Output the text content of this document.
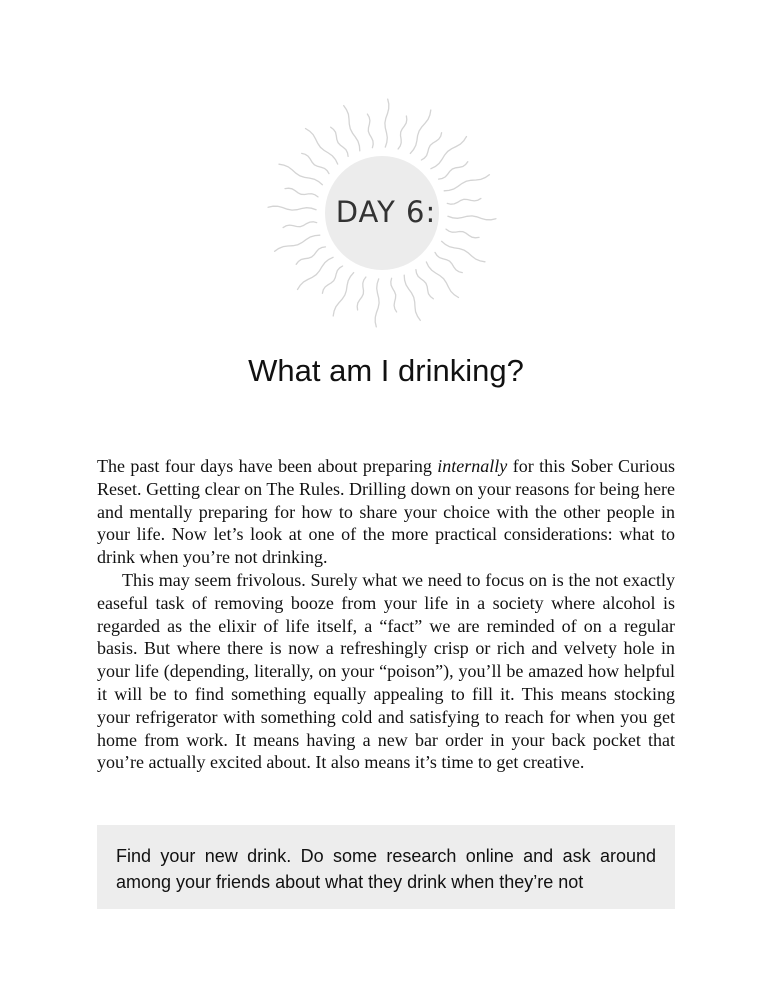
DAY 6:
What am I drinking?

The past four days have been about preparing internally for this Sober Curious Reset. Getting clear on The Rules. Drilling down on your reasons for being here and mentally preparing for how to share your choice with the other people in your life. Now let’s look at one of the more practical considerations: what to drink when you’re not drinking.

This may seem frivolous. Surely what we need to focus on is the not exactly easeful task of removing booze from your life in a society where alcohol is regarded as the elixir of life itself, a “fact” we are reminded of on a regular basis. But where there is now a refreshingly crisp or rich and velvety hole in your life (depending, literally, on your “poison”), you’ll be amazed how helpful it will be to find something equally appealing to fill it. This means stocking your refrigerator with something cold and satisfying to reach for when you get home from work. It means having a new bar order in your back pocket that you’re actually excited about. It also means it’s time to get creative.

Find your new drink. Do some research online and ask around among your friends about what they drink when they’re not
